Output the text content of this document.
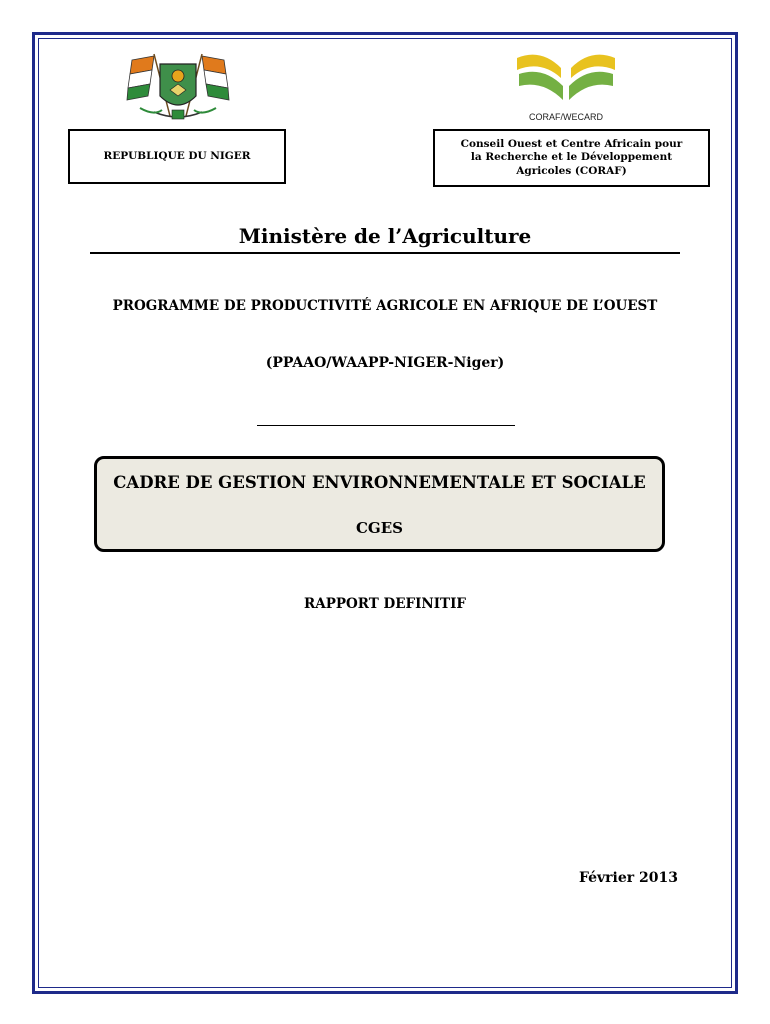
CORAF/WECARD
REPUBLIQUE DU NIGER
Conseil Ouest et Centre Africain pour
la Recherche et le Développement
Agricoles (CORAF)
Ministère de l’Agriculture
PROGRAMME DE PRODUCTIVITÉ AGRICOLE EN AFRIQUE DE L’OUEST
(PPAAO/WAAPP-NIGER-Niger)
CADRE DE GESTION ENVIRONNEMENTALE ET SOCIALE
CGES
RAPPORT DEFINITIF
Février 2013
